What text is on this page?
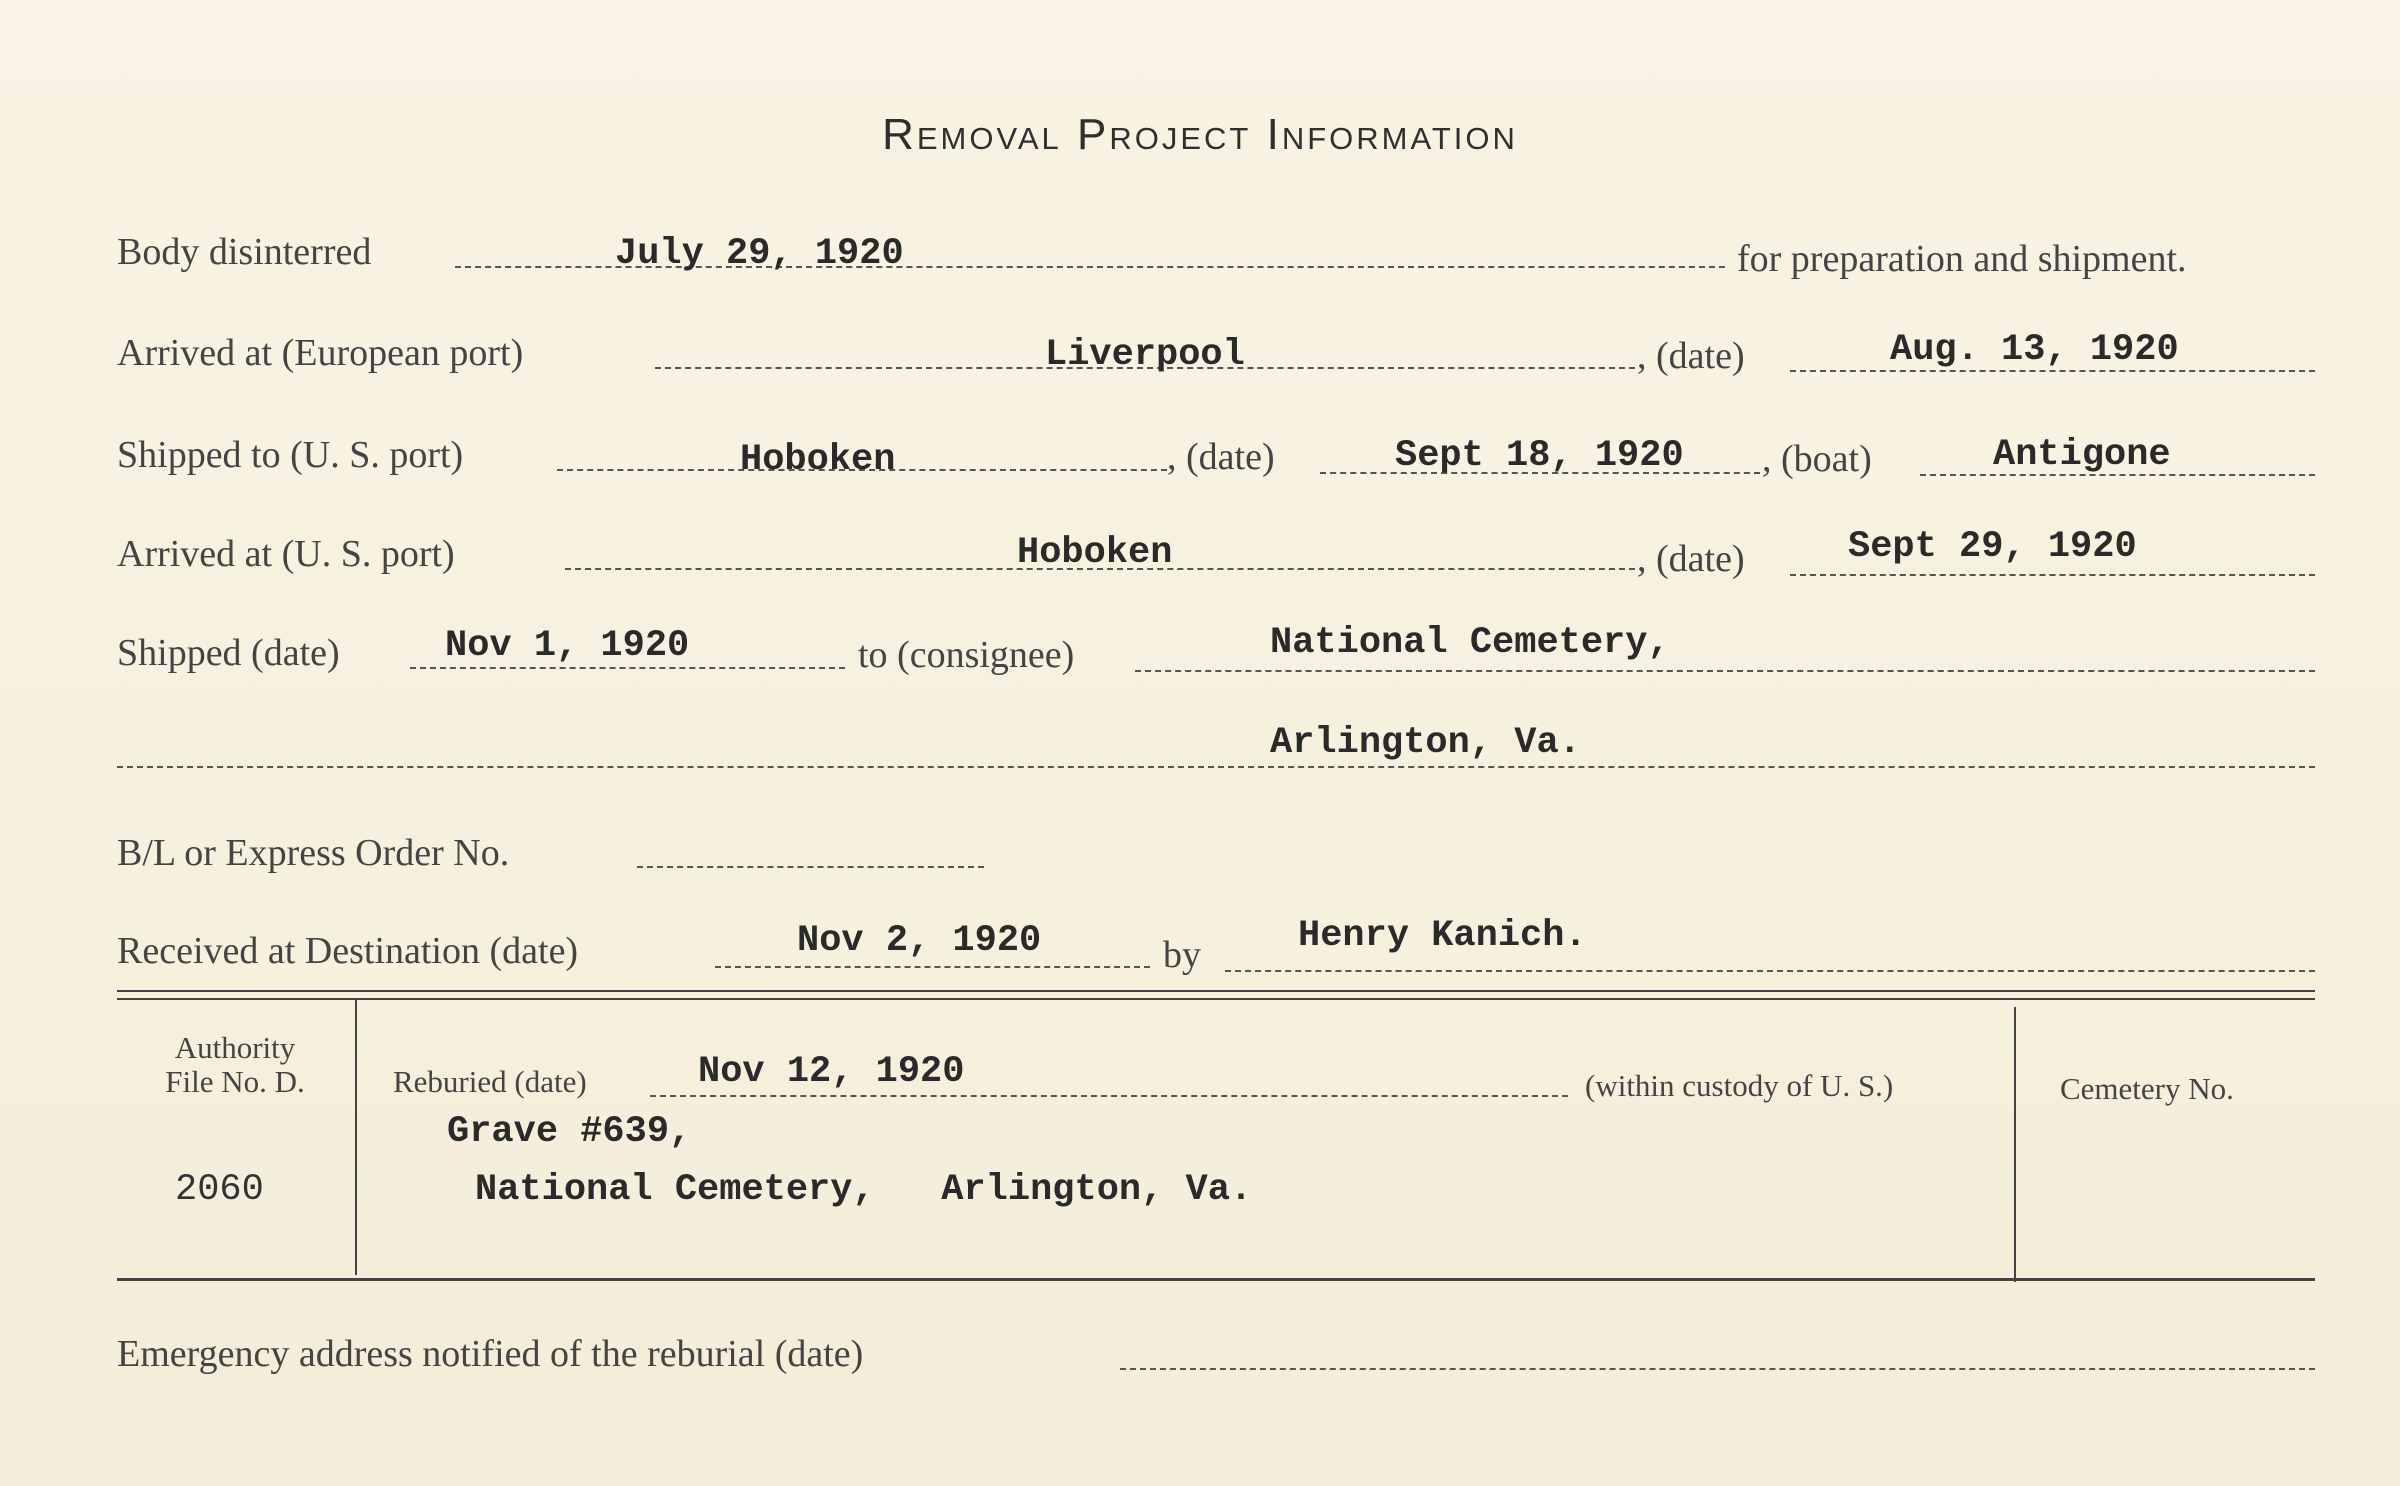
Removal Project Information
Body disinterred	July 29, 1920	for preparation and shipment.
Arrived at (European port)	Liverpool	, (date)	Aug. 13, 1920
Shipped to (U. S. port)	Hoboken	, (date)	Sept 18, 1920 , (boat)	Antigone
Arrived at (U. S. port)	Hoboken	, (date)	Sept 29, 1920
Shipped (date)	Nov 1, 1920	to (consignee)	National Cemetery,
Arlington, Va.
B/L or Express Order No.
Received at Destination (date)	Nov 2, 1920	by	Henry Kanich.
Authority
File No. D.
2060
Reburied (date)	Nov 12, 1920	(within custody of U. S.)
Grave #639,
National Cemetery,   Arlington, Va.
Cemetery No.
Emergency address notified of the reburial (date)
